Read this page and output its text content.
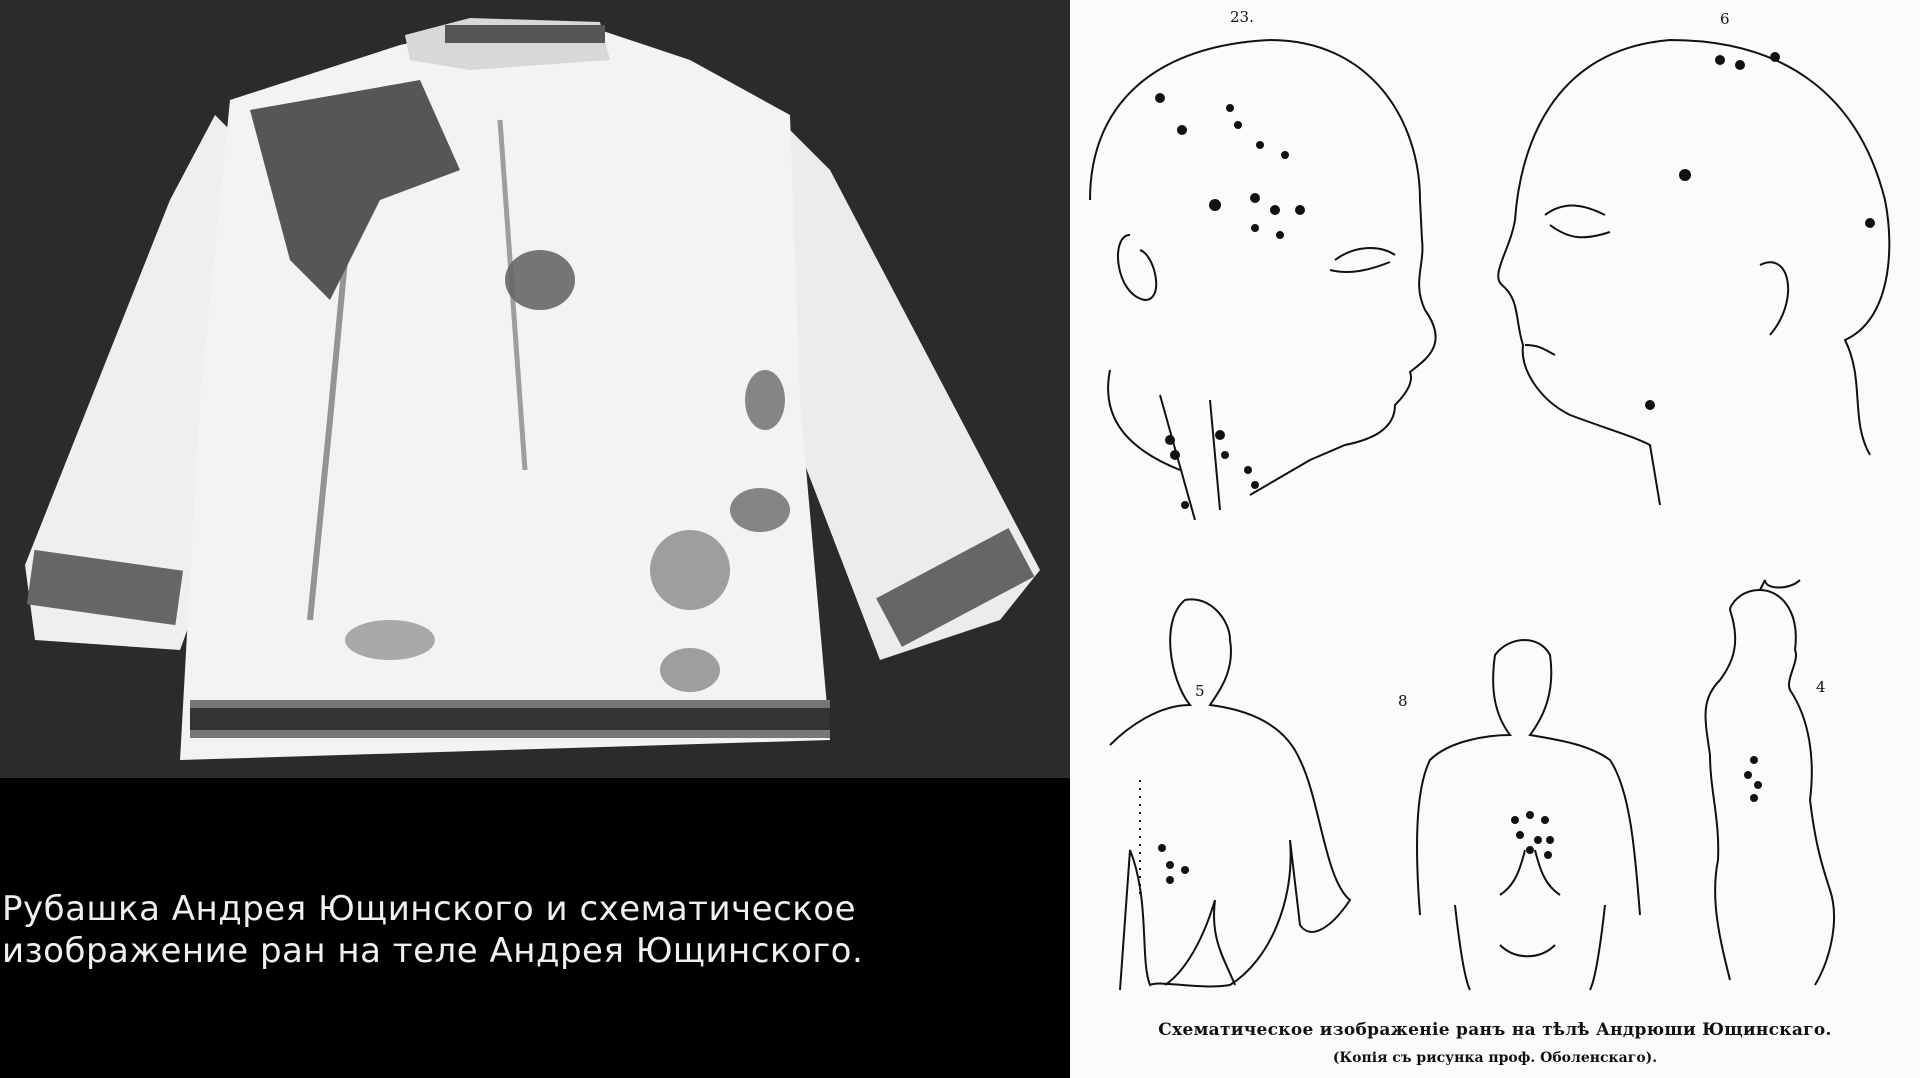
Рубашка Андрея Ющинского и схематическое
изображение ран на теле Андрея Ющинского.
23.	6
5
8
4
Схематическое изображенiе ранъ на тѣлѣ Андрюши Ющинскаго.
(Копiя съ рисунка проф. Оболенскаго).
